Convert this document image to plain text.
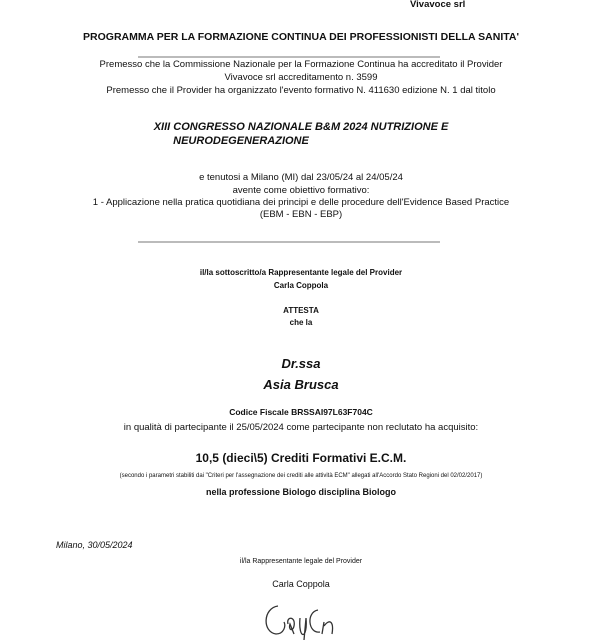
Vivavoce srl
PROGRAMMA PER LA FORMAZIONE CONTINUA DEI PROFESSIONISTI DELLA SANITA'
Premesso che la Commissione Nazionale per la Formazione Continua ha accreditato il Provider
Vivavoce srl accreditamento n. 3599
Premesso che il Provider ha organizzato l'evento formativo N. 411630 edizione N. 1 dal titolo
XIII CONGRESSO NAZIONALE B&M 2024 NUTRIZIONE E
NEURODEGENERAZIONE
e tenutosi a Milano (MI) dal 23/05/24 al 24/05/24
avente come obiettivo formativo:
1 - Applicazione nella pratica quotidiana dei principi e delle procedure dell'Evidence Based Practice
(EBM - EBN - EBP)
il/la sottoscritto/a Rappresentante legale del Provider
Carla Coppola
ATTESTA
che la
Dr.ssa
Asia Brusca
Codice Fiscale BRSSAI97L63F704C
in qualità di partecipante il 25/05/2024 come partecipante non reclutato ha acquisito:
10,5 (dieci\5) Crediti Formativi E.C.M.
(secondo i parametri stabiliti dai "Criteri per l'assegnazione dei crediti alle attività ECM" allegati all'Accordo Stato Regioni del 02/02/2017)
nella professione Biologo disciplina Biologo
Milano, 30/05/2024
il/la Rappresentante legale del Provider
Carla Coppola
